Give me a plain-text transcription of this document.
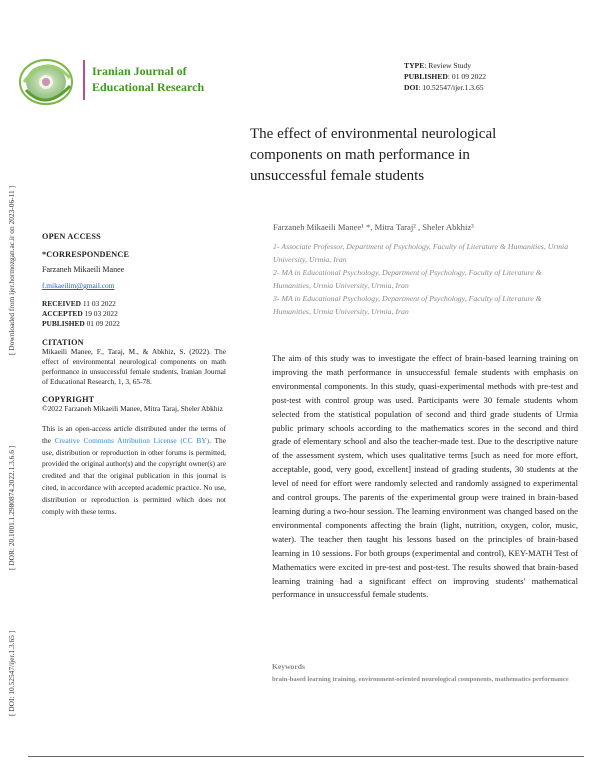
[ Downloaded from ijer.hormozgan.ac.ir on 2023-06-11 ]
[ DOR: 20.1001.1.2980874.2022.1.3.6.6 ]
[ DOI: 10.52547/ijer.1.3.65 ]
Iranian Journal of
Educational Research
TYPE: Review Study
PUBLISHED: 01 09 2022
DOI: 10.52547/ijer.1.3.65
The effect of environmental neurological components on math performance in unsuccessful female students
Farzaneh Mikaeili Manee¹ *, Mitra Taraj² , Sheler Abkhiz³
1- Associate Professor, Department of Psychology, Faculty of Literature & Humanities, Urmia University, Urmia, Iran
2- MA in Educational Psychology, Department of Psychology, Faculty of Literature & Humanities, Urmia University, Urmia, Iran
3- MA in Educational Psychology, Department of Psychology, Faculty of Literature & Humanities, Urmia University, Urmia, Iran

OPEN ACCESS

*CORRESPONDENCE

Farzaneh Mikaeili Manee

f.mikaeilim@gmail.com

RECEIVED 11 03 2022

ACCEPTED 19 03 2022

PUBLISHED 01 09 2022

CITATION

Mikaeili Manee, F., Taraj, M., & Abkhiz, S. (2022). The effect of environmental neurological components on math performance in unsuccessful female students, Iranian Journal of Educational Research, 1, 3, 65-78.

COPYRIGHT

©2022 Farzaneh Mikaeili Manee, Mitra Taraj, Sheler Abkhiz

This is an open-access article distributed under the terms of the Creative Commons Attribution License (CC BY). The use, distribution or reproduction in other forums is permitted, provided the original author(s) and the copyright owner(s) are credited and that the original publication in this journal is cited, in accordance with accepted academic practice. No use, distribution or reproduction is permitted which does not comply with these terms.

The aim of this study was to investigate the effect of brain-based learning training on improving the math performance in unsuccessful female students with emphasis on environmental components. In this study, quasi-experimental methods with pre-test and post-test with control group was used. Participants were 30 female students whom selected from the statistical population of second and third grade students of Urmia public primary schools according to the mathematics scores in the second and third grade of elementary school and also the teacher-made test. Due to the descriptive nature of the assessment system, which uses qualitative terms [such as need for more effort, acceptable, good, very good, excellent] instead of grading students, 30 students at the level of need for effort were randomly selected and randomly assigned to experimental and control groups. The parents of the experimental group were trained in brain-based learning during a two-hour session. The learning environment was changed based on the environmental components affecting the brain (light, nutrition, oxygen, color, music, water). The teacher then taught his lessons based on the principles of brain-based learning in 10 sessions. For both groups (experimental and control), KEY-MATH Test of Mathematics were excited in pre-test and post-test. The results showed that brain-based learning training had a significant effect on improving students' mathematical performance in unsuccessful female students.

Keywords
brain-based learning training, environment-oriented neurological components, mathematics performance
